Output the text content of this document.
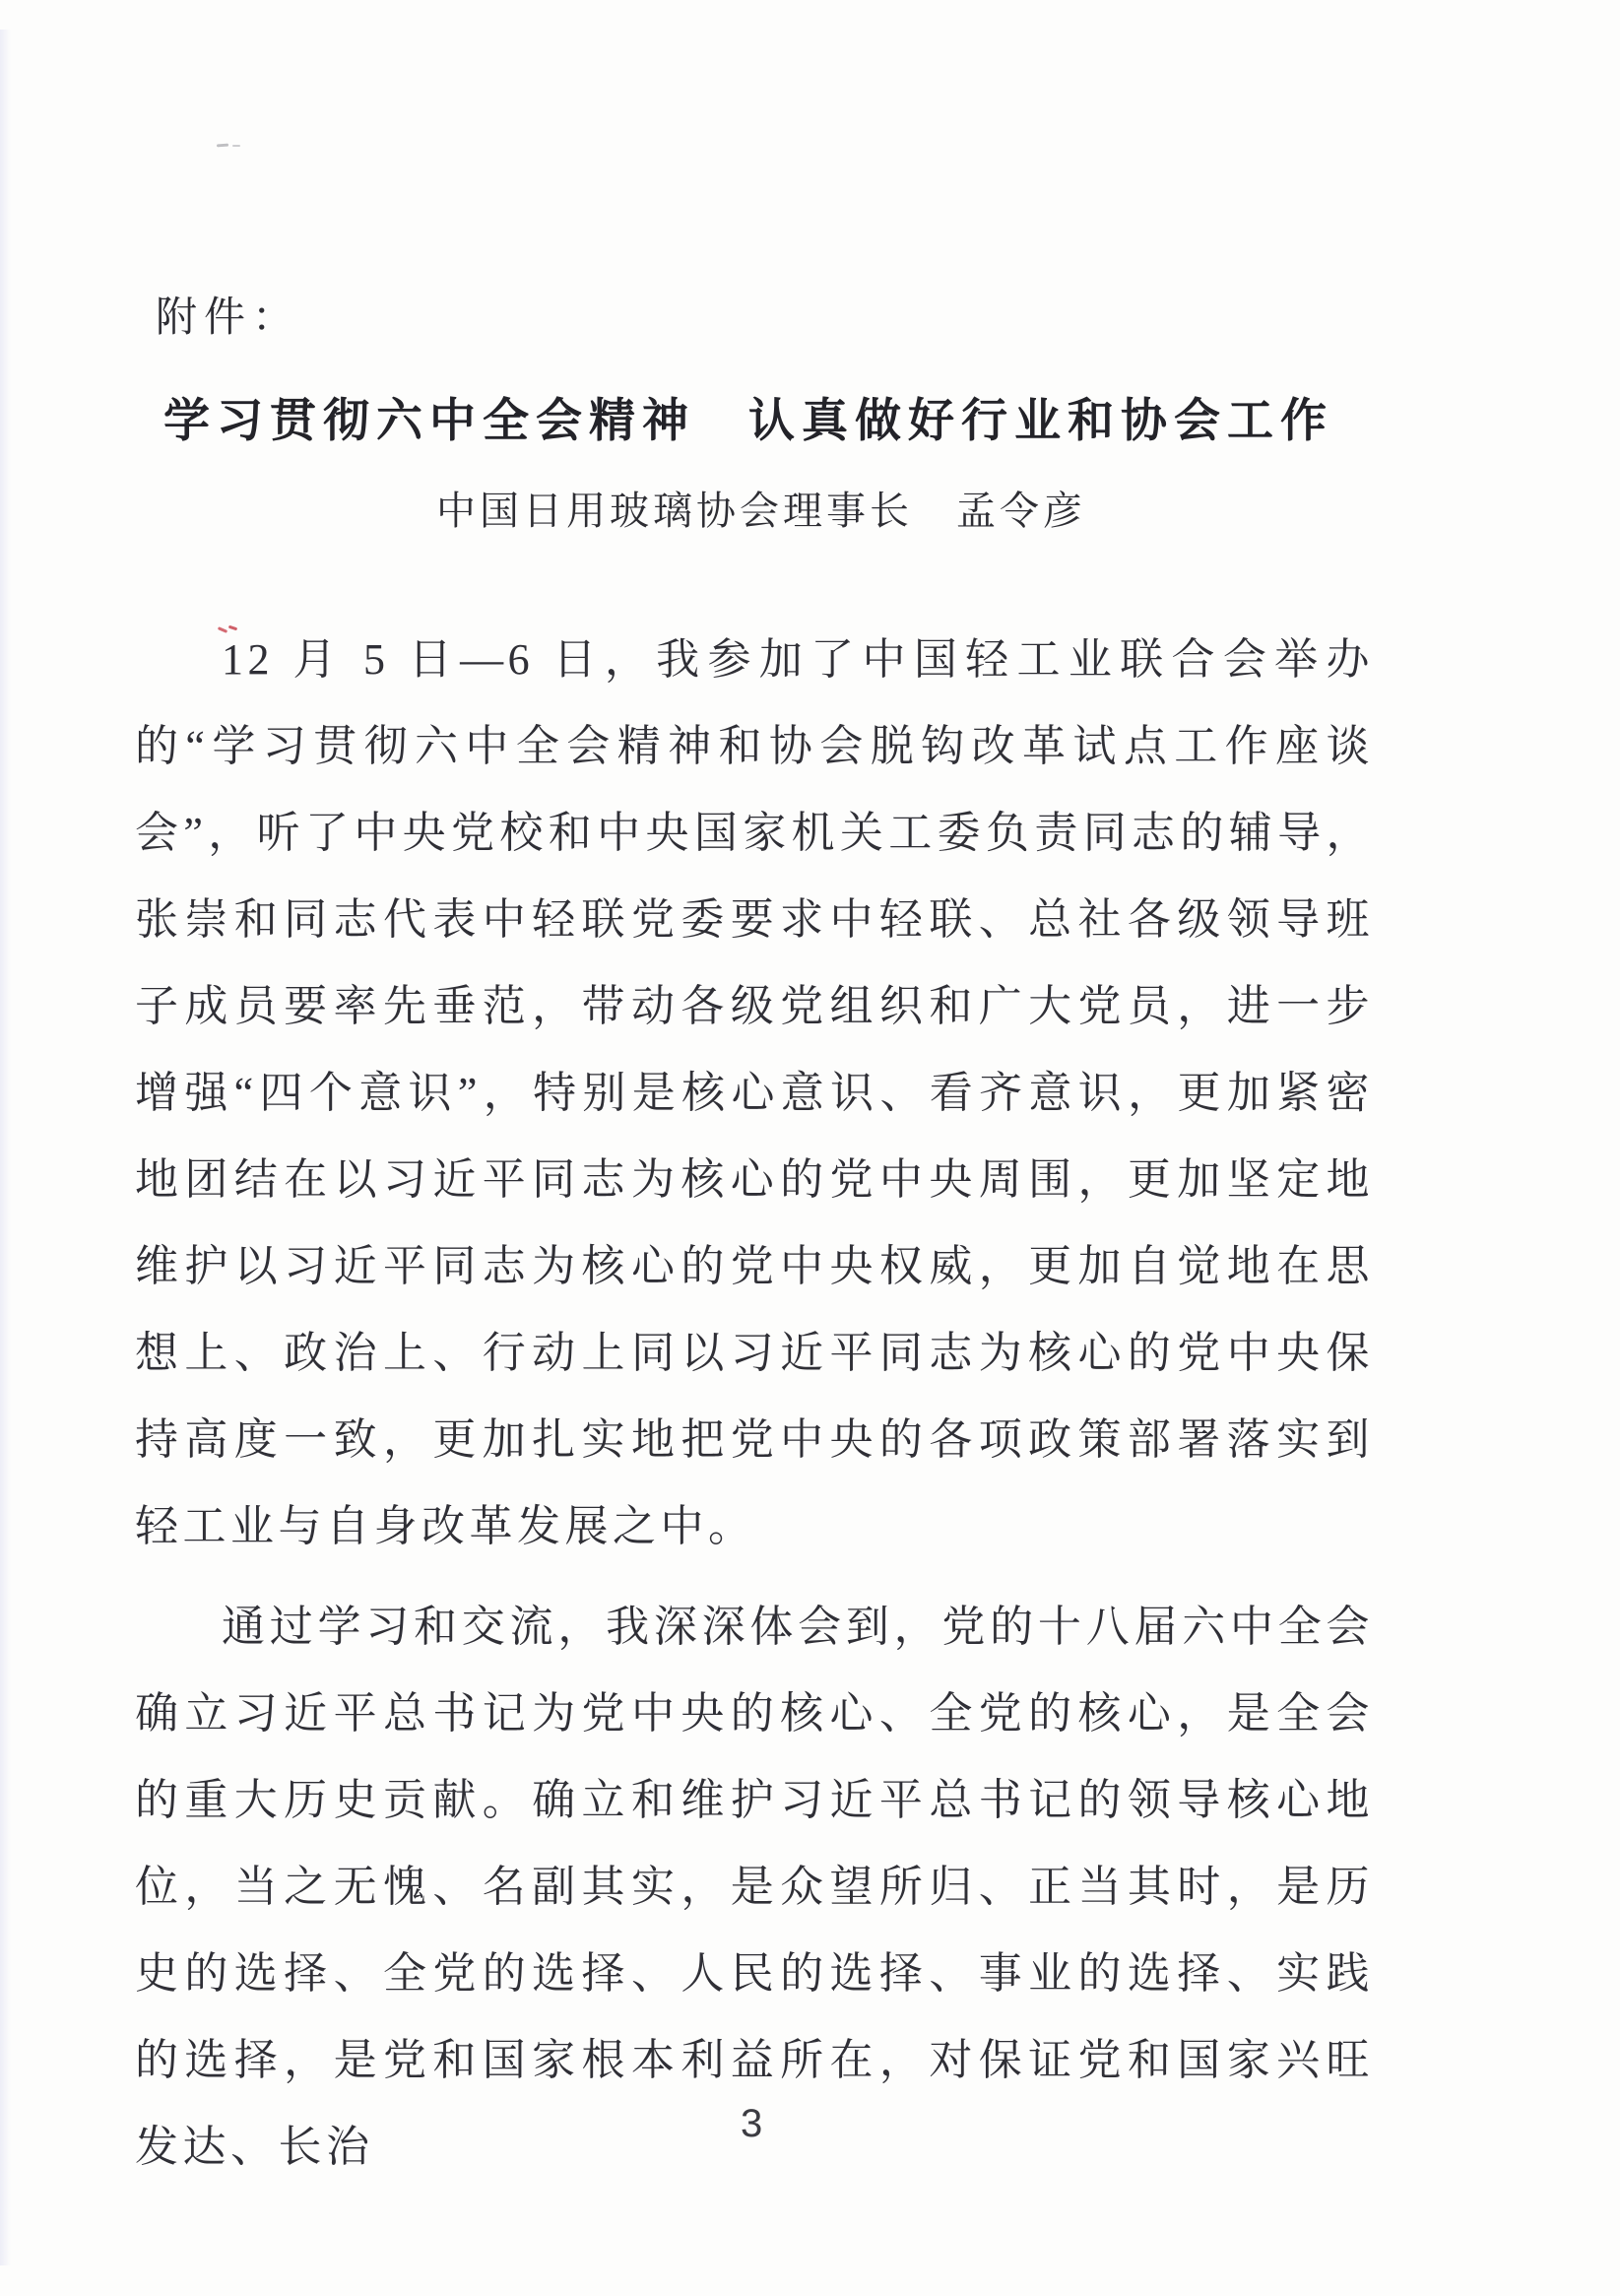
附件：
学习贯彻六中全会精神　认真做好行业和协会工作
中国日用玻璃协会理事长　孟令彦

12 月 5 日—6 日，我参加了中国轻工业联合会举办的“学习贯彻六中全会精神和协会脱钩改革试点工作座谈会”，听了中央党校和中央国家机关工委负责同志的辅导，张崇和同志代表中轻联党委要求中轻联、总社各级领导班子成员要率先垂范，带动各级党组织和广大党员，进一步增强“四个意识”，特别是核心意识、看齐意识，更加紧密地团结在以习近平同志为核心的党中央周围，更加坚定地维护以习近平同志为核心的党中央权威，更加自觉地在思想上、政治上、行动上同以习近平同志为核心的党中央保持高度一致，更加扎实地把党中央的各项政策部署落实到轻工业与自身改革发展之中。

通过学习和交流，我深深体会到，党的十八届六中全会确立习近平总书记为党中央的核心、全党的核心，是全会的重大历史贡献。确立和维护习近平总书记的领导核心地位，当之无愧、名副其实，是众望所归、正当其时，是历史的选择、全党的选择、人民的选择、事业的选择、实践的选择，是党和国家根本利益所在，对保证党和国家兴旺发达、长治	3
